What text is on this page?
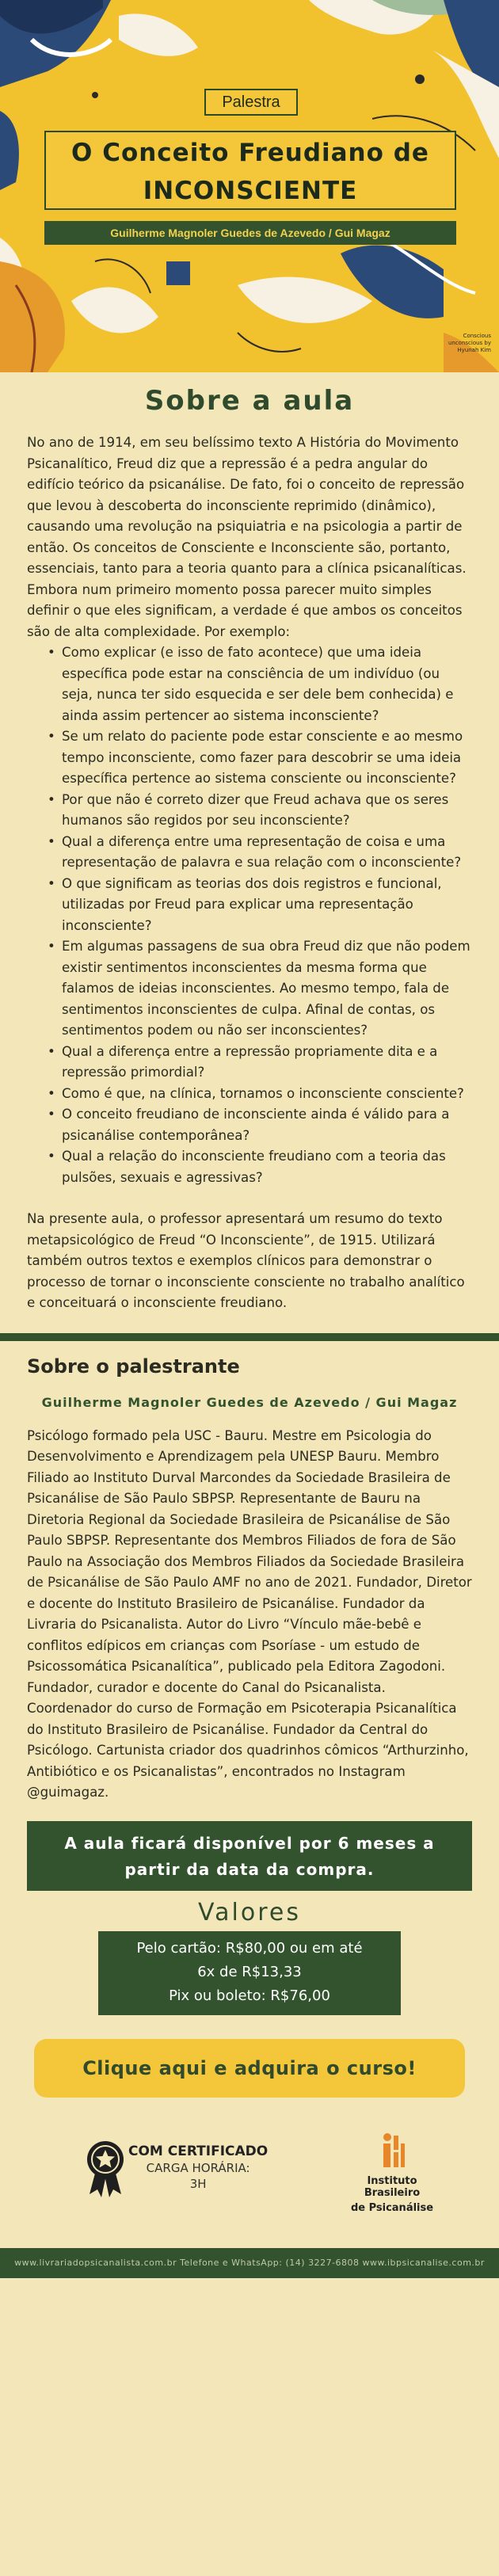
Palestra
O Conceito Freudiano de
INCONSCIENTE
Guilherme Magnoler Guedes de Azevedo / Gui Magaz
Conscious unconscious by Hyunah Kim
Sobre a aula

No ano de 1914, em seu belíssimo texto A História do Movimento Psicanalítico, Freud diz que a repressão é a pedra angular do edifício teórico da psicanálise. De fato, foi o conceito de repressão que levou à descoberta do inconsciente reprimido (dinâmico), causando uma revolução na psiquiatria e na psicologia a partir de então. Os conceitos de Consciente e Inconsciente são, portanto, essenciais, tanto para a teoria quanto para a clínica psicanalíticas. Embora num primeiro momento possa parecer muito simples definir o que eles significam, a verdade é que ambos os conceitos são de alta complexidade. Por exemplo:

• Como explicar (e isso de fato acontece) que uma ideia específica pode estar na consciência de um indivíduo (ou seja, nunca ter sido esquecida e ser dele bem conhecida) e ainda assim pertencer ao sistema inconsciente?
• Se um relato do paciente pode estar consciente e ao mesmo tempo inconsciente, como fazer para descobrir se uma ideia específica pertence ao sistema consciente ou inconsciente?
• Por que não é correto dizer que Freud achava que os seres humanos são regidos por seu inconsciente?
• Qual a diferença entre uma representação de coisa e uma representação de palavra e sua relação com o inconsciente?
• O que significam as teorias dos dois registros e funcional, utilizadas por Freud para explicar uma representação inconsciente?
• Em algumas passagens de sua obra Freud diz que não podem existir sentimentos inconscientes da mesma forma que falamos de ideias inconscientes. Ao mesmo tempo, fala de sentimentos inconscientes de culpa. Afinal de contas, os sentimentos podem ou não ser inconscientes?
• Qual a diferença entre a repressão propriamente dita e a repressão primordial?
• Como é que, na clínica, tornamos o inconsciente consciente?
• O conceito freudiano de inconsciente ainda é válido para a psicanálise contemporânea?
• Qual a relação do inconsciente freudiano com a teoria das pulsões, sexuais e agressivas?

Na presente aula, o professor apresentará um resumo do texto metapsicológico de Freud “O Inconsciente”, de 1915. Utilizará também outros textos e exemplos clínicos para demonstrar o processo de tornar o inconsciente consciente no trabalho analítico e conceituará o inconsciente freudiano.

Sobre o palestrante
Guilherme Magnoler Guedes de Azevedo / Gui Magaz

Psicólogo formado pela USC - Bauru. Mestre em Psicologia do Desenvolvimento e Aprendizagem pela UNESP Bauru. Membro Filiado ao Instituto Durval Marcondes da Sociedade Brasileira de Psicanálise de São Paulo SBPSP. Representante de Bauru na Diretoria Regional da Sociedade Brasileira de Psicanálise de São Paulo SBPSP. Representante dos Membros Filiados de fora de São Paulo na Associação dos Membros Filiados da Sociedade Brasileira de Psicanálise de São Paulo AMF no ano de 2021. Fundador, Diretor e docente do Instituto Brasileiro de Psicanálise. Fundador da Livraria do Psicanalista. Autor do Livro “Vínculo mãe-bebê e conflitos edípicos em crianças com Psoríase - um estudo de Psicossomática Psicanalítica”, publicado pela Editora Zagodoni. Fundador, curador e docente do Canal do Psicanalista. Coordenador do curso de Formação em Psicoterapia Psicanalítica do Instituto Brasileiro de Psicanálise. Fundador da Central do Psicólogo. Cartunista criador dos quadrinhos cômicos “Arthurzinho, Antibiótico e os Psicanalistas”, encontrados no Instagram @guimagaz.

A aula ficará disponível por 6 meses a
partir da data da compra.
Valores
Pelo cartão: R$80,00 ou em até
6x de R$13,33
Pix ou boleto: R$76,00
Clique aqui e adquira o curso!
COM CERTIFICADO
CARGA HORÁRIA:
3H	Instituto Brasileiro
de Psicanálise
www.livrariadopsicanalista.com.br Telefone e WhatsApp: (14) 3227-6808 www.ibpsicanalise.com.br
